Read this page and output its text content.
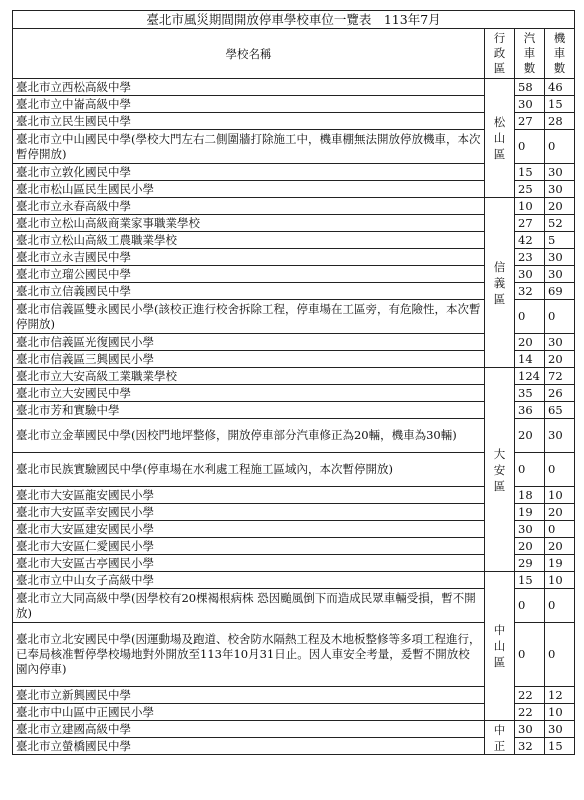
臺北市風災期間開放停車學校車位一覽表　113年7月			
學校名稱	行政區	汽車數	機車數
臺北市立西松高級中學	松山區	58	46
臺北市立中崙高級中學		30	15
臺北市立民生國民中學		27	28
臺北市立中山國民中學(學校大門左右二側圍牆打除施工中，機車棚無法開放停放機車，本次暫停開放)		0	0
臺北市立敦化國民中學		15	30
臺北市松山區民生國民小學		25	30
臺北市立永春高級中學	信義區	10	20
臺北市立松山高級商業家事職業學校		27	52
臺北市立松山高級工農職業學校		42	5
臺北市立永吉國民中學		23	30
臺北市立瑠公國民中學		30	30
臺北市立信義國民中學		32	69
臺北市信義區雙永國民小學(該校正進行校舍拆除工程，停車場在工區旁，有危險性，本次暫停開放)		0	0
臺北市信義區光復國民小學		20	30
臺北市信義區三興國民小學		14	20
臺北市立大安高級工業職業學校	大安區	124	72
臺北市立大安國民中學		35	26
臺北市芳和實驗中學		36	65
臺北市立金華國民中學(因校門地坪整修，開放停車部分汽車修正為20輛，機車為30輛)		20	30
臺北市民族實驗國民中學(停車場在水利處工程施工區域內，本次暫停開放)		0	0
臺北市大安區龍安國民小學		18	10
臺北市大安區幸安國民小學		19	20
臺北市大安區建安國民小學		30	0
臺北市大安區仁愛國民小學		20	20
臺北市大安區古亭國民小學		29	19
臺北市立中山女子高級中學	中山區	15	10
臺北市立大同高級中學(因學校有20棵褐根病株 恐因颱風倒下而造成民眾車輛受損，暫不開放)		0	0
臺北市立北安國民中學(因運動場及跑道、校舍防水隔熱工程及木地板整修等多項工程進行，已奉局核准暫停學校場地對外開放至113年10月31日止。因人車安全考量，爰暫不開放校園內停車)		0	0
臺北市立新興國民中學		22	12
臺北市中山區中正國民小學		22	10
臺北市立建國高級中學	中正	30	30
臺北市立螢橋國民中學		32	15
